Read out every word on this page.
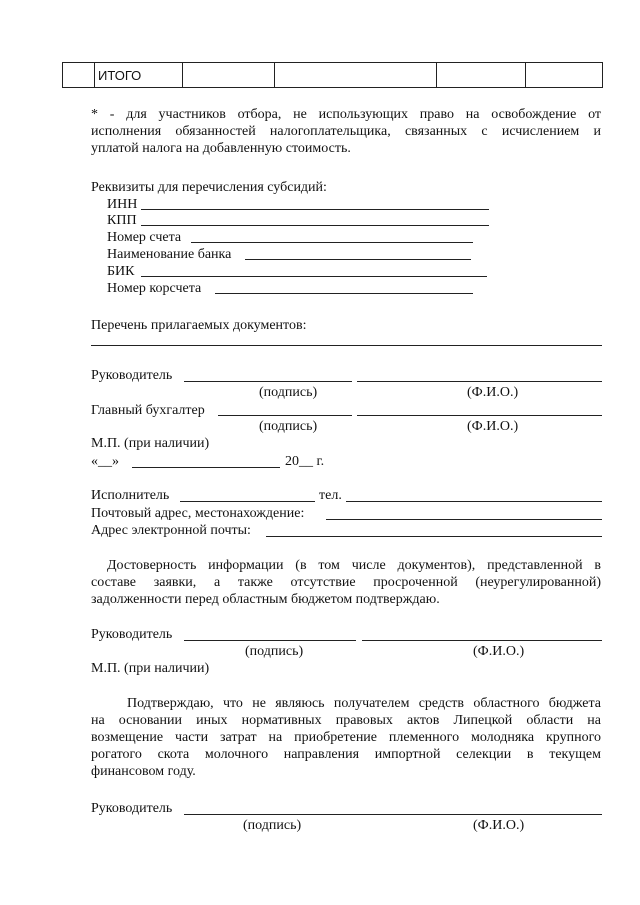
	ИТОГО				
* - для участников отбора, не использующих право на освобождение от
исполнения обязанностей налогоплательщика, связанных с исчислением и
уплатой налога на добавленную стоимость.
Реквизиты для перечисления субсидий:
ИНН
КПП
Номер счета
Наименование банка
БИК
Номер корсчета
Перечень прилагаемых документов:
Руководитель
(подпись)	(Ф.И.О.)
Главный бухгалтер
(подпись)	(Ф.И.О.)
М.П. (при наличии)
«__»	20__ г.
Исполнитель	тел.
Почтовый адрес, местонахождение:
Адрес электронной почты:
Достоверность информации (в том числе документов), представленной в
составе заявки, а также отсутствие просроченной (неурегулированной)
задолженности перед областным бюджетом подтверждаю.
Руководитель
(подпись)	(Ф.И.О.)
М.П. (при наличии)
Подтверждаю, что не являюсь получателем средств областного бюджета
на основании иных нормативных правовых актов Липецкой области на
возмещение части затрат на приобретение племенного молодняка крупного
рогатого скота молочного направления импортной селекции в текущем
финансовом году.
Руководитель
(подпись)	(Ф.И.О.)
